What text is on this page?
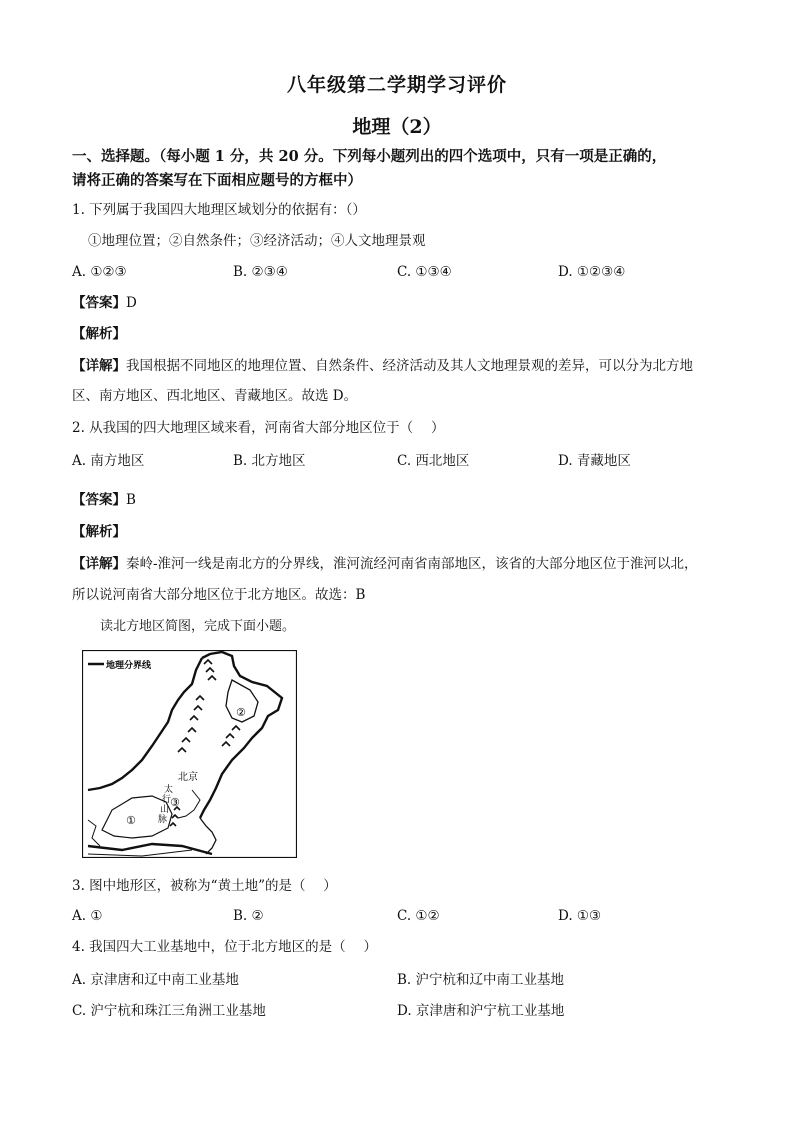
八年级第二学期学习评价
地理（2）
一、选择题。（每小题 1 分，共 20 分。下列每小题列出的四个选项中，只有一项是正确的，
请将正确的答案写在下面相应题号的方框中）
1. 下列属于我国四大地理区域划分的依据有：（）
①地理位置；②自然条件；③经济活动；④人文地理景观
A. ①②③	B. ②③④	C. ①③④	D. ①②③④
【答案】D
【解析】
【详解】我国根据不同地区的地理位置、自然条件、经济活动及其人文地理景观的差异，可以分为北方地
区、南方地区、西北地区、青藏地区。故选 D。
2. 从我国的四大地理区域来看，河南省大部分地区位于（　 ）
A. 南方地区	B. 北方地区	C. 西北地区	D. 青藏地区
【答案】B
【解析】
【详解】秦岭-淮河一线是南北方的分界线，淮河流经河南省南部地区，该省的大部分地区位于淮河以北，
所以说河南省大部分地区位于北方地区。故选：B
读北方地区简图，完成下面小题。
地理分界线
②
北京
太
行
山
脉
③
①
3. 图中地形区，被称为“黄土地”的是（　 ）
A. ①	B. ②	C. ①②	D. ①③
4. 我国四大工业基地中，位于北方地区的是（　 ）
A. 京津唐和辽中南工业基地	B. 沪宁杭和辽中南工业基地
C. 沪宁杭和珠江三角洲工业基地	D. 京津唐和沪宁杭工业基地
